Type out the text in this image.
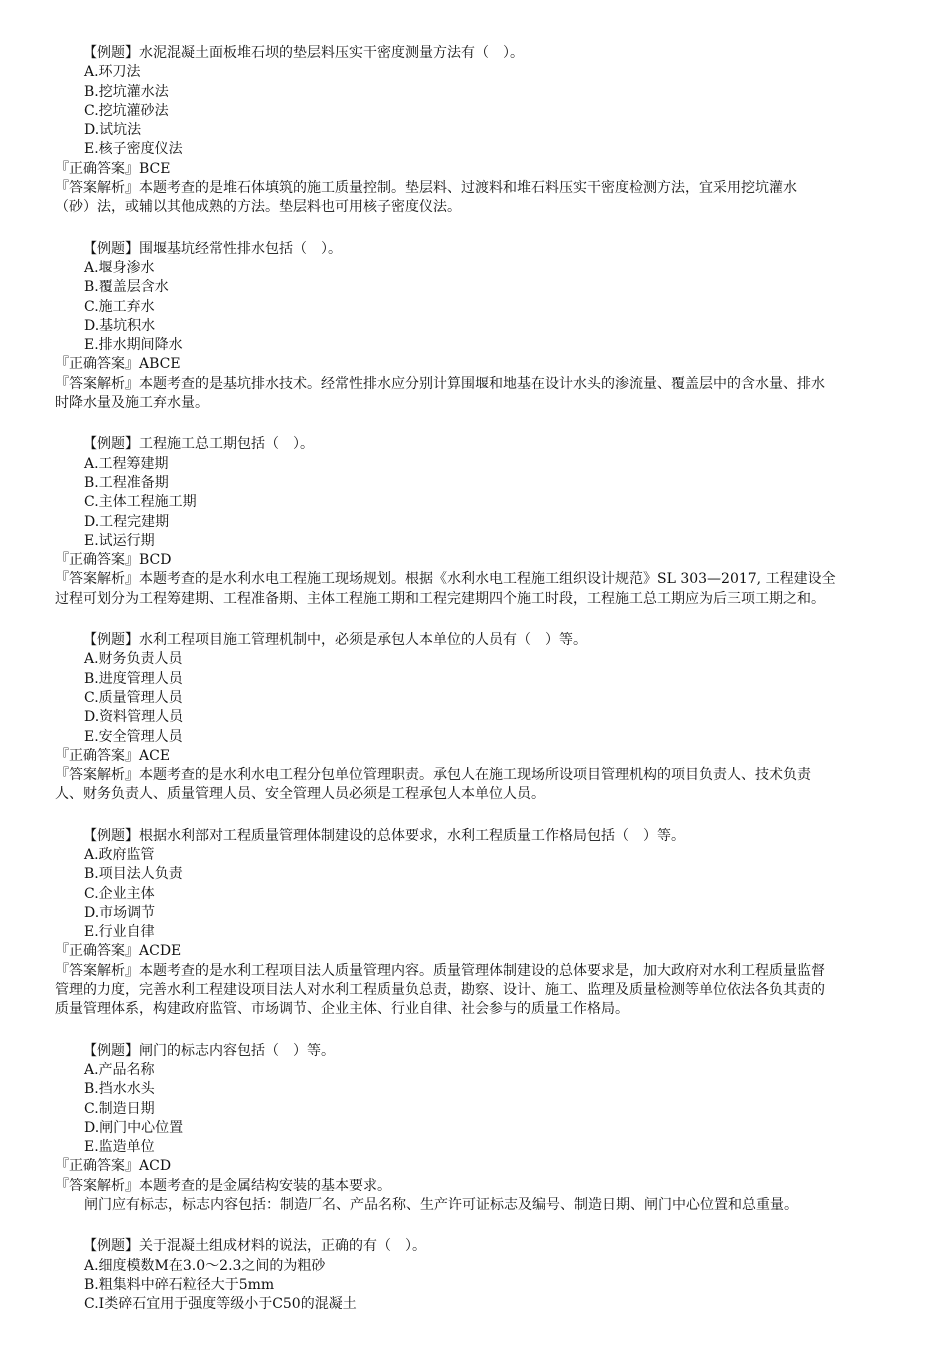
【例题】水泥混凝土面板堆石坝的垫层料压实干密度测量方法有（　）。
A.环刀法
B.挖坑灌水法
C.挖坑灌砂法
D.试坑法
E.核子密度仪法
『正确答案』BCE
『答案解析』本题考查的是堆石体填筑的施工质量控制。垫层料、过渡料和堆石料压实干密度检测方法，宜采用挖坑灌水
（砂）法，或辅以其他成熟的方法。垫层料也可用核子密度仪法。
【例题】围堰基坑经常性排水包括（　）。
A.堰身渗水
B.覆盖层含水
C.施工弃水
D.基坑积水
E.排水期间降水
『正确答案』ABCE
『答案解析』本题考查的是基坑排水技术。经常性排水应分别计算围堰和地基在设计水头的渗流量、覆盖层中的含水量、排水
时降水量及施工弃水量。
【例题】工程施工总工期包括（　）。
A.工程筹建期
B.工程准备期
C.主体工程施工期
D.工程完建期
E.试运行期
『正确答案』BCD
『答案解析』本题考查的是水利水电工程施工现场规划。根据《水利水电工程施工组织设计规范》SL 303—2017, 工程建设全
过程可划分为工程筹建期、工程准备期、主体工程施工期和工程完建期四个施工时段，工程施工总工期应为后三项工期之和。
【例题】水利工程项目施工管理机制中，必须是承包人本单位的人员有（　）等。
A.财务负责人员
B.进度管理人员
C.质量管理人员
D.资料管理人员
E.安全管理人员
『正确答案』ACE
『答案解析』本题考查的是水利水电工程分包单位管理职责。承包人在施工现场所设项目管理机构的项目负责人、技术负责
人、财务负责人、质量管理人员、安全管理人员必须是工程承包人本单位人员。
【例题】根据水利部对工程质量管理体制建设的总体要求，水利工程质量工作格局包括（　）等。
A.政府监管
B.项目法人负责
C.企业主体
D.市场调节
E.行业自律
『正确答案』ACDE
『答案解析』本题考查的是水利工程项目法人质量管理内容。质量管理体制建设的总体要求是，加大政府对水利工程质量监督
管理的力度，完善水利工程建设项目法人对水利工程质量负总责，勘察、设计、施工、监理及质量检测等单位依法各负其责的
质量管理体系，构建政府监管、市场调节、企业主体、行业自律、社会参与的质量工作格局。
【例题】闸门的标志内容包括（　）等。
A.产品名称
B.挡水水头
C.制造日期
D.闸门中心位置
E.监造单位
『正确答案』ACD
『答案解析』本题考查的是金属结构安装的基本要求。
闸门应有标志，标志内容包括：制造厂名、产品名称、生产许可证标志及编号、制造日期、闸门中心位置和总重量。
【例题】关于混凝土组成材料的说法，正确的有（　）。
A.细度模数M在3.0～2.3之间的为粗砂
B.粗集料中碎石粒径大于5mm
C.I类碎石宜用于强度等级小于C50的混凝土
